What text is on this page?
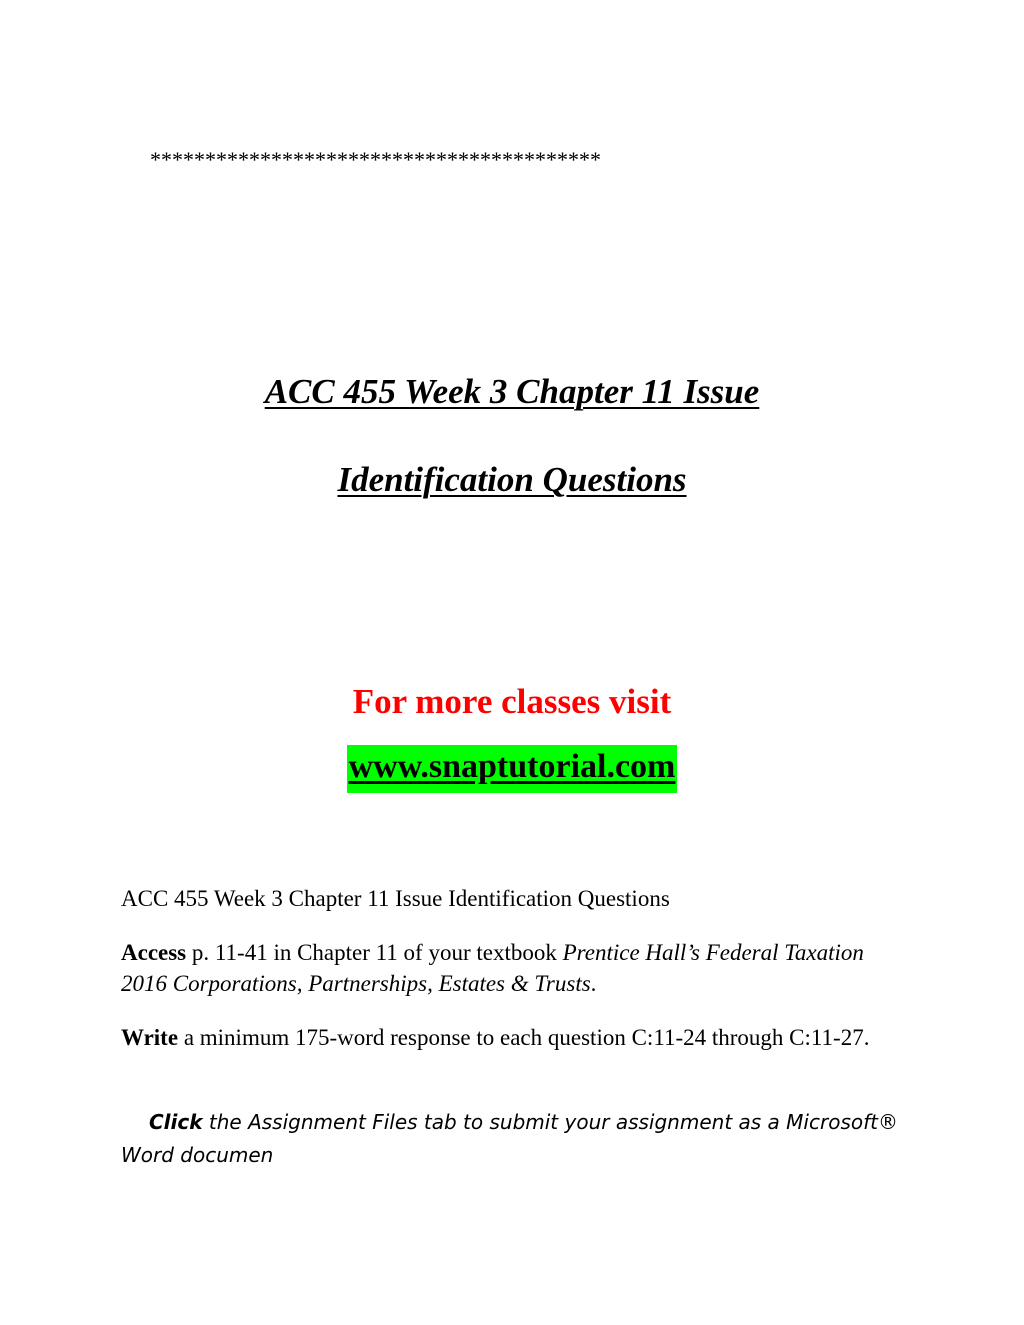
*****************************************
ACC 455 Week 3 Chapter 11 Issue
Identification Questions
For more classes visit
www.snaptutorial.com
ACC 455 Week 3 Chapter 11 Issue Identification Questions
Access p. 11-41 in Chapter 11 of your textbook Prentice Hall’s Federal Taxation 2016 Corporations, Partnerships, Estates & Trusts.
Write a minimum 175-word response to each question C:11-24 through C:11-27.
Click the Assignment Files tab to submit your assignment as a Microsoft® Word documen
